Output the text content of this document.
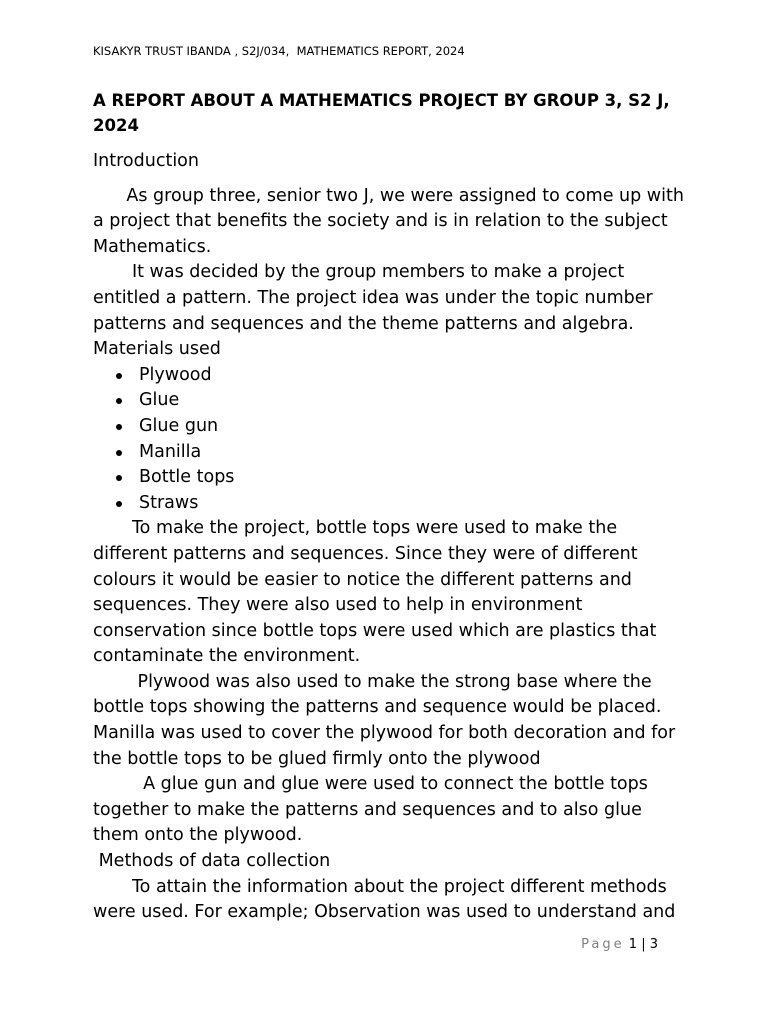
KISAKYR TRUST IBANDA , S2J/034,  MATHEMATICS REPORT, 2024
A REPORT ABOUT A MATHEMATICS PROJECT BY GROUP 3, S2 J, 2024

Introduction

As group three, senior two J, we were assigned to come up with a project that benefits the society and is in relation to the subject Mathematics.

It was decided by the group members to make a project entitled a pattern. The project idea was under the topic number patterns and sequences and the theme patterns and algebra.

Materials used

Plywood
Glue
Glue gun
Manilla
Bottle tops
Straws

To make the project, bottle tops were used to make the different patterns and sequences. Since they were of different colours it would be easier to notice the different patterns and sequences. They were also used to help in environment conservation since bottle tops were used which are plastics that contaminate the environment.

Plywood was also used to make the strong base where the bottle tops showing the patterns and sequence would be placed. Manilla was used to cover the plywood for both decoration and for the bottle tops to be glued firmly onto the plywood

A glue gun and glue were used to connect the bottle tops together to make the patterns and sequences and to also glue them onto the plywood.

Methods of data collection

To attain the information about the project different methods were used. For example; Observation was used to understand and

Page 1 | 3
